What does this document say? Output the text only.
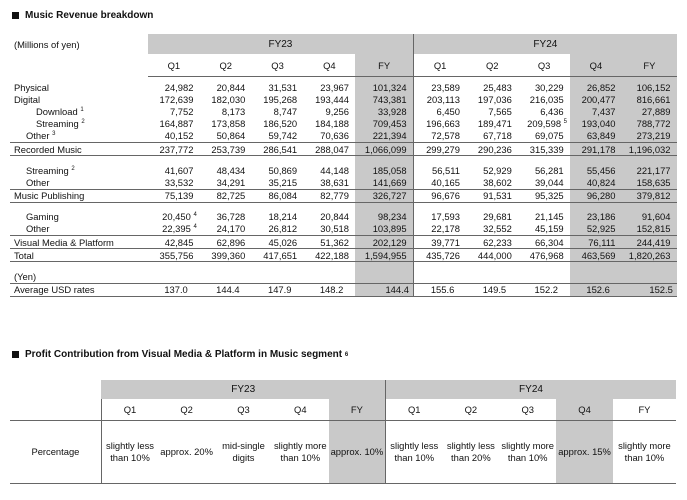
Music Revenue breakdown
(Millions of yen)	FY23					FY24					
	Q1	Q2	Q3	Q4	FY	Q1	Q2	Q3	Q4	FY	

Physical	24,982	20,844	31,531	23,967	101,324	23,589	25,483	30,229	26,852	106,152	
Digital	172,639	182,030	195,268	193,444	743,381	203,113	197,036	216,035	200,477	816,661	
Download $^1$	7,752	8,173	8,747	9,256	33,928	6,450	7,565	6,436	7,437	27,889	
Streaming $^2$	164,887	173,858	186,520	184,188	709,453	196,663	189,471	209,598 $^5$	193,040	788,772	
Other $^3$	40,152	50,864	59,742	70,636	221,394	72,578	67,718	69,075	63,849	273,219	
Recorded Music	237,772	253,739	286,541	288,047	1,066,099	299,279	290,236	315,339	291,178	1,196,032	

Streaming $^2$	41,607	48,434	50,869	44,148	185,058	56,511	52,929	56,281	55,456	221,177	
Other	33,532	34,291	35,215	38,631	141,669	40,165	38,602	39,044	40,824	158,635	
Music Publishing	75,139	82,725	86,084	82,779	326,727	96,676	91,531	95,325	96,280	379,812	

Gaming	20,450 $^4$	36,728	18,214	20,844	98,234	17,593	29,681	21,145	23,186	91,604	
Other	22,395 $^4$	24,170	26,812	30,518	103,895	22,178	32,552	45,159	52,925	152,815	
Visual Media & Platform	42,845	62,896	45,026	51,362	202,129	39,771	62,233	66,304	76,111	244,419	
Total	355,756	399,360	417,651	422,188	1,594,955	435,726	444,000	476,968	463,569	1,820,263	

(Yen)											
Average USD rates	137.0	144.4	147.9	148.2	144.4	155.6	149.5	152.2	152.6	152.5	
Profit Contribution from Visual Media & Platform in Music segment
6
	FY23					FY24					
	Q1	Q2	Q3	Q4	FY	Q1	Q2	Q3	Q4	FY	
Percentage	slightly less than 10%	approx. 20%	mid-single digits	slightly more than 10%	approx. 10%	slightly less than 10%	slightly less than 20%	slightly more than 10%	approx. 15%	slightly more than 10%	
